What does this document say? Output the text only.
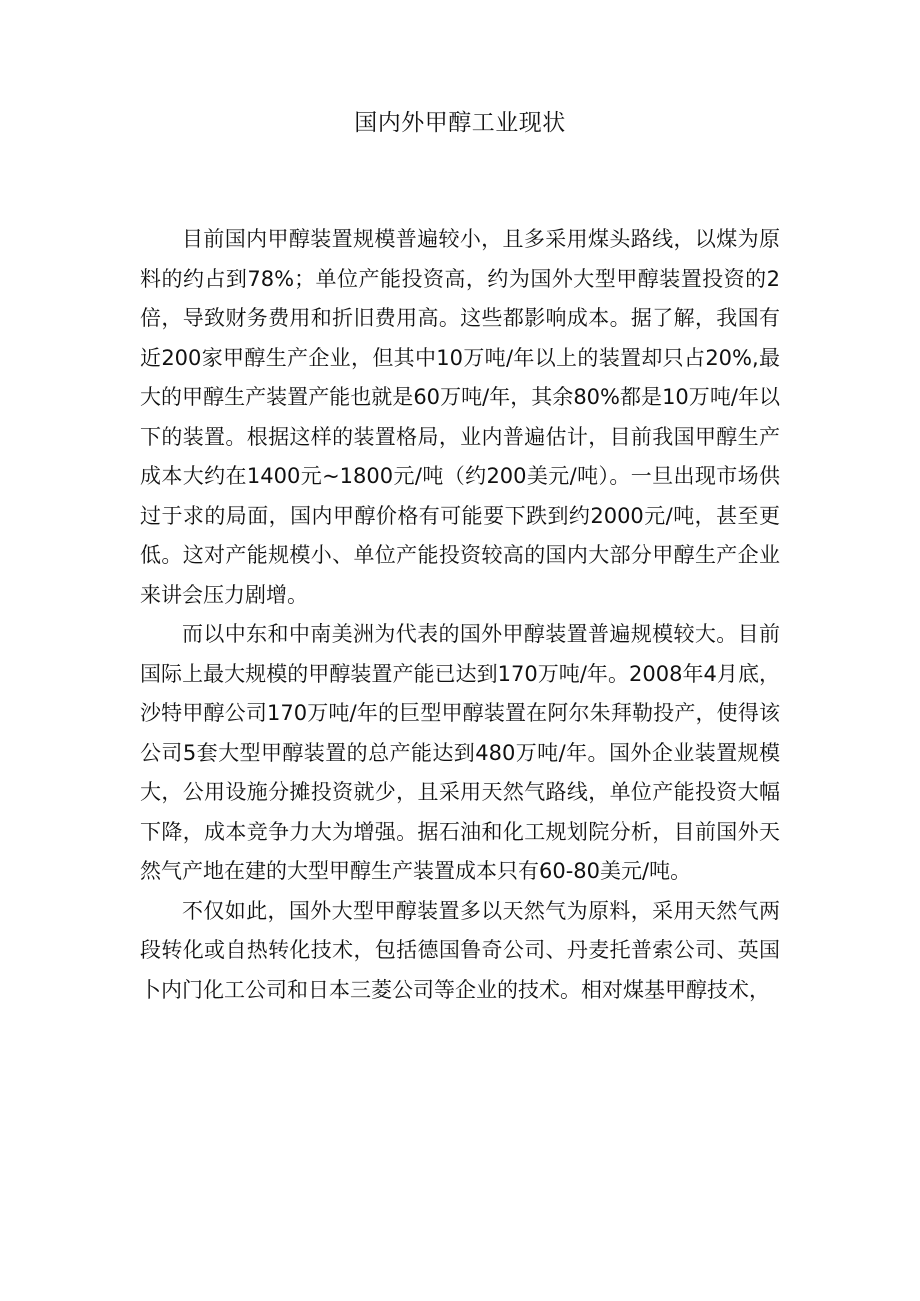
国内外甲醇工业现状

目前国内甲醇装置规模普遍较小，且多采用煤头路线，以煤为原料的约占到78%；单位产能投资高，约为国外大型甲醇装置投资的2倍，导致财务费用和折旧费用高。这些都影响成本。据了解，我国有近200家甲醇生产企业，但其中10万吨/年以上的装置却只占20%,最大的甲醇生产装置产能也就是60万吨/年，其余80%都是10万吨/年以下的装置。根据这样的装置格局，业内普遍估计，目前我国甲醇生产成本大约在1400元~1800元/吨（约200美元/吨）。一旦出现市场供过于求的局面，国内甲醇价格有可能要下跌到约2000元/吨，甚至更低。这对产能规模小、单位产能投资较高的国内大部分甲醇生产企业来讲会压力剧增。

而以中东和中南美洲为代表的国外甲醇装置普遍规模较大。目前国际上最大规模的甲醇装置产能已达到170万吨/年。2008年4月底，沙特甲醇公司170万吨/年的巨型甲醇装置在阿尔朱拜勒投产，使得该公司5套大型甲醇装置的总产能达到480万吨/年。国外企业装置规模大，公用设施分摊投资就少，且采用天然气路线，单位产能投资大幅下降，成本竞争力大为增强。据石油和化工规划院分析，目前国外天然气产地在建的大型甲醇生产装置成本只有60-80美元/吨。

不仅如此，国外大型甲醇装置多以天然气为原料，采用天然气两段转化或自热转化技术，包括德国鲁奇公司、丹麦托普索公司、英国卜内门化工公司和日本三菱公司等企业的技术。相对煤基甲醇技术，
